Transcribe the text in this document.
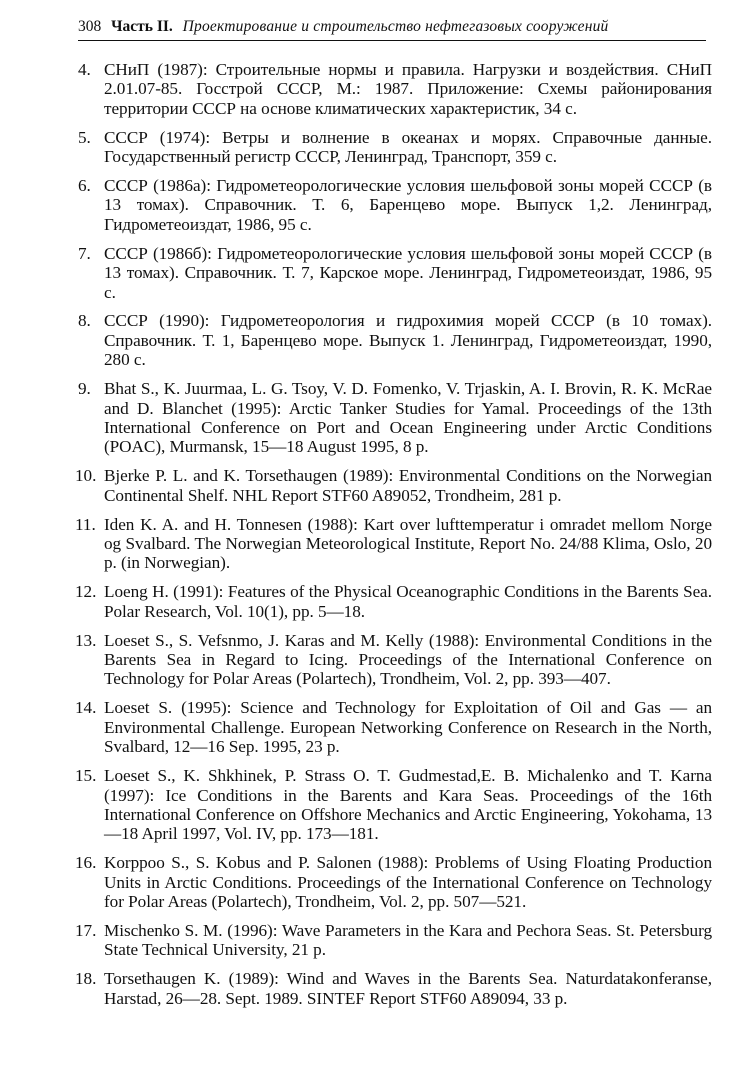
308 Часть II. Проектирование и строительство нефтегазовых сооружений
4. СНиП (1987): Строительные нормы и правила. Нагрузки и воздействия. СНиП 2.01.07-85. Госстрой СССР, М.: 1987. Приложение: Схемы районирования территории СССР на основе климатических характеристик, 34 с.
5. СССР (1974): Ветры и волнение в океанах и морях. Справочные данные. Государственный регистр СССР, Ленинград, Транспорт, 359 с.
6. СССР (1986a): Гидрометеорологические условия шельфовой зоны морей СССР (в 13 томах). Справочник. Т. 6, Баренцево море. Выпуск 1,2. Ленинград, Гидрометеоиздат, 1986, 95 с.
7. СССР (1986б): Гидрометеорологические условия шельфовой зоны морей СССР (в 13 томах). Справочник. Т. 7, Карское море. Ленинград, Гидрометеоиздат, 1986, 95 с.
8. СССР (1990): Гидрометеорология и гидрохимия морей СССР (в 10 томах). Справочник. Т. 1, Баренцево море. Выпуск 1. Ленинград, Гидрометеоиздат, 1990, 280 с.
9. Bhat S., K. Juurmaa, L. G. Tsoy, V. D. Fomenko, V. Trjaskin, A. I. Brovin, R. K. McRae and D. Blanchet (1995): Arctic Tanker Studies for Yamal. Proceedings of the 13th International Conference on Port and Ocean Engineering under Arctic Conditions (POAC), Murmansk, 15—18 August 1995, 8 p.
10. Bjerke P. L. and K. Torsethaugen (1989): Environmental Conditions on the Norwegian Continental Shelf. NHL Report STF60 A89052, Trondheim, 281 p.
11. Iden K. A. and H. Tonnesen (1988): Kart over lufttemperatur i omradet mellom Norge og Svalbard. The Norwegian Meteorological Institute, Report No. 24/88 Klima, Oslo, 20 p. (in Norwegian).
12. Loeng H. (1991): Features of the Physical Oceanographic Conditions in the Barents Sea. Polar Research, Vol. 10(1), pp. 5—18.
13. Loeset S., S. Vefsnmo, J. Karas and M. Kelly (1988): Environmental Conditions in the Barents Sea in Regard to Icing. Proceedings of the International Conference on Technology for Polar Areas (Polartech), Trondheim, Vol. 2, pp. 393—407.
14. Loeset S. (1995): Science and Technology for Exploitation of Oil and Gas — an Environmental Challenge. European Networking Conference on Research in the North, Svalbard, 12—16 Sep. 1995, 23 p.
15. Loeset S., K. Shkhinek, P. Strass O. T. Gudmestad,E. B. Michalenko and T. Karna (1997): Ice Conditions in the Barents and Kara Seas. Proceedings of the 16th International Conference on Offshore Mechanics and Arctic Engineering, Yokohama, 13—18 April 1997, Vol. IV, pp. 173—181.
16. Korppoo S., S. Kobus and P. Salonen (1988): Problems of Using Floating Production Units in Arctic Conditions. Proceedings of the International Conference on Technology for Polar Areas (Polartech), Trondheim, Vol. 2, pp. 507—521.
17. Mischenko S. M. (1996): Wave Parameters in the Kara and Pechora Seas. St. Petersburg State Technical University, 21 p.
18. Torsethaugen K. (1989): Wind and Waves in the Barents Sea. Naturdatakonferanse, Harstad, 26—28. Sept. 1989. SINTEF Report STF60 A89094, 33 p.
